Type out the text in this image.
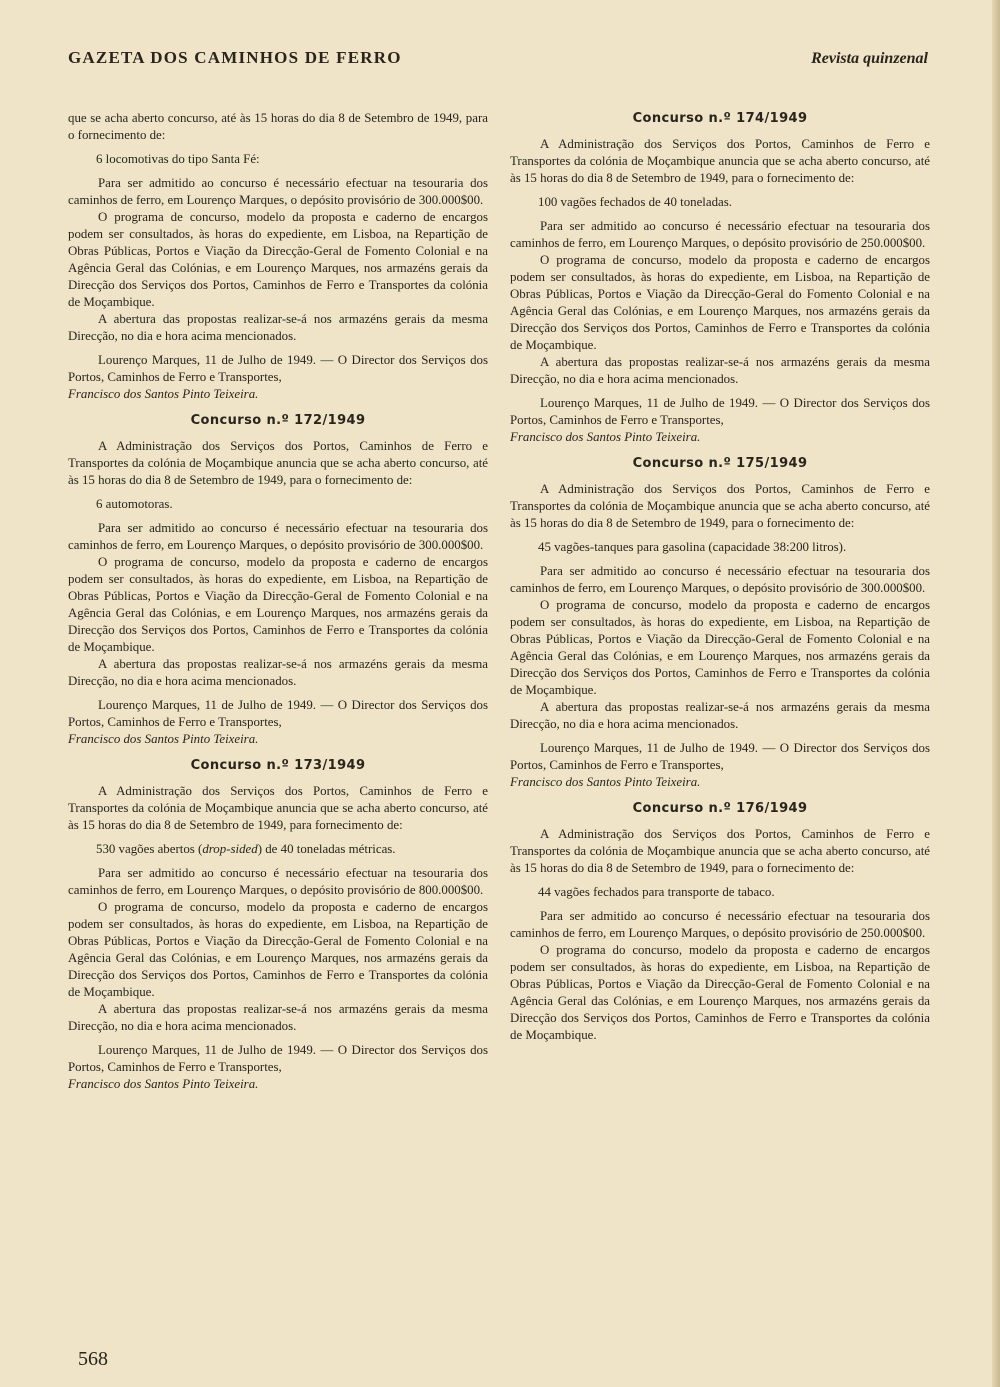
GAZETA DOS CAMINHOS DE FERRO	Revista quinzenal

que se acha aberto concurso, até às 15 horas do dia 8 de Setembro de 1949, para o fornecimento de:

6 locomotivas do tipo Santa Fé:

Para ser admitido ao concurso é necessário efectuar na tesouraria dos caminhos de ferro, em Lourenço Marques, o depósito provisório de 300.000$00.

O programa de concurso, modelo da proposta e caderno de encargos podem ser consultados, às horas do expediente, em Lisboa, na Repartição de Obras Públicas, Portos e Viação da Direcção-Geral de Fomento Colonial e na Agência Geral das Colónias, e em Lourenço Marques, nos armazéns gerais da Direcção dos Serviços dos Portos, Caminhos de Ferro e Transportes da colónia de Moçambique.

A abertura das propostas realizar-se-á nos armazéns gerais da mesma Direcção, no dia e hora acima mencionados.

Lourenço Marques, 11 de Julho de 1949. — O Director dos Serviços dos Portos, Caminhos de Ferro e Transportes,

Francisco dos Santos Pinto Teixeira.

Concurso n.º 172/1949

A Administração dos Serviços dos Portos, Caminhos de Ferro e Transportes da colónia de Moçambique anuncia que se acha aberto concurso, até às 15 horas do dia 8 de Setembro de 1949, para o fornecimento de:

6 automotoras.

Para ser admitido ao concurso é necessário efectuar na tesouraria dos caminhos de ferro, em Lourenço Marques, o depósito provisório de 300.000$00.

O programa de concurso, modelo da proposta e caderno de encargos podem ser consultados, às horas do expediente, em Lisboa, na Repartição de Obras Públicas, Portos e Viação da Direcção-Geral de Fomento Colonial e na Agência Geral das Colónias, e em Lourenço Marques, nos armazéns gerais da Direcção dos Serviços dos Portos, Caminhos de Ferro e Transportes da colónia de Moçambique.

A abertura das propostas realizar-se-á nos armazéns gerais da mesma Direcção, no dia e hora acima mencionados.

Lourenço Marques, 11 de Julho de 1949. — O Director dos Serviços dos Portos, Caminhos de Ferro e Transportes,

Francisco dos Santos Pinto Teixeira.

Concurso n.º 173/1949

A Administração dos Serviços dos Portos, Caminhos de Ferro e Transportes da colónia de Moçambique anuncia que se acha aberto concurso, até às 15 horas do dia 8 de Setembro de 1949, para fornecimento de:

530 vagões abertos (drop-sided) de 40 toneladas métricas.

Para ser admitido ao concurso é necessário efectuar na tesouraria dos caminhos de ferro, em Lourenço Marques, o depósito provisório de 800.000$00.

O programa de concurso, modelo da proposta e caderno de encargos podem ser consultados, às horas do expediente, em Lisboa, na Repartição de Obras Públicas, Portos e Viação da Direcção-Geral de Fomento Colonial e na Agência Geral das Colónias, e em Lourenço Marques, nos armazéns gerais da Direcção dos Serviços dos Portos, Caminhos de Ferro e Transportes da colónia de Moçambique.

A abertura das propostas realizar-se-á nos armazéns gerais da mesma Direcção, no dia e hora acima mencionados.

Lourenço Marques, 11 de Julho de 1949. — O Director dos Serviços dos Portos, Caminhos de Ferro e Transportes,

Francisco dos Santos Pinto Teixeira.

Concurso n.º 174/1949

A Administração dos Serviços dos Portos, Caminhos de Ferro e Transportes da colónia de Moçambique anuncia que se acha aberto concurso, até às 15 horas do dia 8 de Setembro de 1949, para o fornecimento de:

100 vagões fechados de 40 toneladas.

Para ser admitido ao concurso é necessário efectuar na tesouraria dos caminhos de ferro, em Lourenço Marques, o depósito provisório de 250.000$00.

O programa de concurso, modelo da proposta e caderno de encargos podem ser consultados, às horas do expediente, em Lisboa, na Repartição de Obras Públicas, Portos e Viação da Direcção-Geral do Fomento Colonial e na Agência Geral das Colónias, e em Lourenço Marques, nos armazéns gerais da Direcção dos Serviços dos Portos, Caminhos de Ferro e Transportes da colónia de Moçambique.

A abertura das propostas realizar-se-á nos armazéns gerais da mesma Direcção, no dia e hora acima mencionados.

Lourenço Marques, 11 de Julho de 1949. — O Director dos Serviços dos Portos, Caminhos de Ferro e Transportes,

Francisco dos Santos Pinto Teixeira.

Concurso n.º 175/1949

A Administração dos Serviços dos Portos, Caminhos de Ferro e Transportes da colónia de Moçambique anuncia que se acha aberto concurso, até às 15 horas do dia 8 de Setembro de 1949, para o fornecimento de:

45 vagões-tanques para gasolina (capacidade 38:200 litros).

Para ser admitido ao concurso é necessário efectuar na tesouraria dos caminhos de ferro, em Lourenço Marques, o depósito provisório de 300.000$00.

O programa de concurso, modelo da proposta e caderno de encargos podem ser consultados, às horas do expediente, em Lisboa, na Repartição de Obras Públicas, Portos e Viação da Direcção-Geral de Fomento Colonial e na Agência Geral das Colónias, e em Lourenço Marques, nos armazéns gerais da Direcção dos Serviços dos Portos, Caminhos de Ferro e Transportes da colónia de Moçambique.

A abertura das propostas realizar-se-á nos armazéns gerais da mesma Direcção, no dia e hora acima mencionados.

Lourenço Marques, 11 de Julho de 1949. — O Director dos Serviços dos Portos, Caminhos de Ferro e Transportes,

Francisco dos Santos Pinto Teixeira.

Concurso n.º 176/1949

A Administração dos Serviços dos Portos, Caminhos de Ferro e Transportes da colónia de Moçambique anuncia que se acha aberto concurso, até às 15 horas do dia 8 de Setembro de 1949, para o fornecimento de:

44 vagões fechados para transporte de tabaco.

Para ser admitido ao concurso é necessário efectuar na tesouraria dos caminhos de ferro, em Lourenço Marques, o depósito provisório de 250.000$00.

O programa do concurso, modelo da proposta e caderno de encargos podem ser consultados, às horas do expediente, em Lisboa, na Repartição de Obras Públicas, Portos e Viação da Direcção-Geral de Fomento Colonial e na Agência Geral das Colónias, e em Lourenço Marques, nos armazéns gerais da Direcção dos Serviços dos Portos, Caminhos de Ferro e Transportes da colónia de Moçambique.

568
